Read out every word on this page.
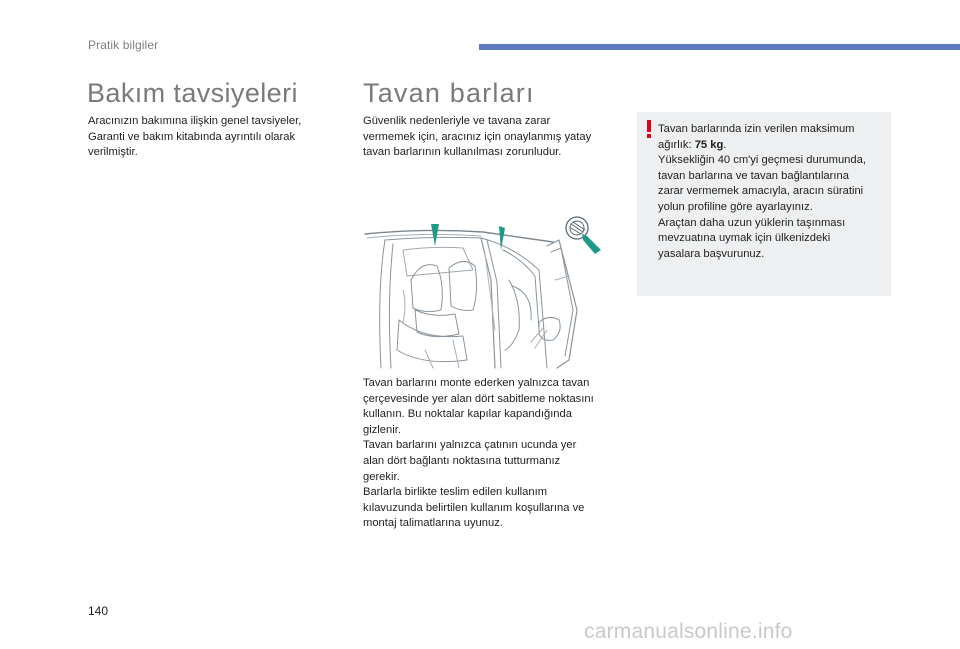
Pratik bilgiler
Bakım tavsiyeleri

Aracınızın bakımına ilişkin genel tavsiyeler,
Garanti ve bakım kitabında ayrıntılı olarak
verilmiştir.

Tavan barları

Güvenlik nedenleriyle ve tavana zarar
vermemek için, aracınız için onaylanmış yatay
tavan barlarının kullanılması zorunludur.

Tavan barlarını monte ederken yalnızca tavan
çerçevesinde yer alan dört sabitleme noktasını
kullanın. Bu noktalar kapılar kapandığında
gizlenir.
Tavan barlarını yalnızca çatının ucunda yer
alan dört bağlantı noktasına tutturmanız
gerekir.
Barlarla birlikte teslim edilen kullanım
kılavuzunda belirtilen kullanım koşullarına ve
montaj talimatlarına uyunuz.

Tavan barlarında izin verilen maksimum
ağırlık: 75 kg.
Yüksekliğin 40 cm'yi geçmesi durumunda,
tavan barlarına ve tavan bağlantılarına
zarar vermemek amacıyla, aracın süratini
yolun profiline göre ayarlayınız.
Araçtan daha uzun yüklerin taşınması
mevzuatına uymak için ülkenizdeki
yasalara başvurunuz.
140
carmanualsonline.info
